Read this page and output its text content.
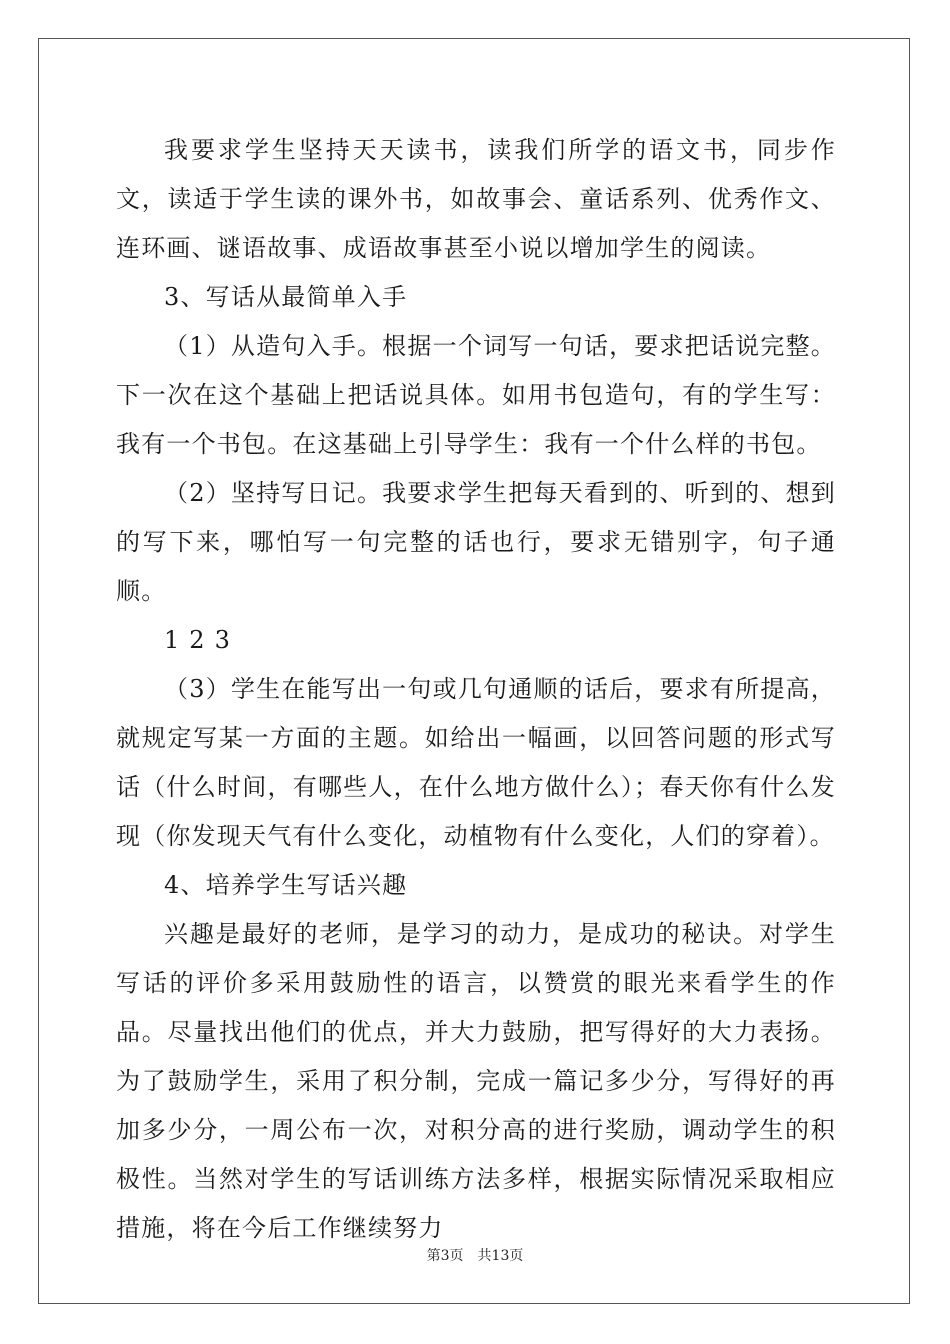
我要求学生坚持天天读书，读我们所学的语文书，同步作文，读适于学生读的课外书，如故事会、童话系列、优秀作文、连环画、谜语故事、成语故事甚至小说以增加学生的阅读。

3、写话从最简单入手

（1）从造句入手。根据一个词写一句话，要求把话说完整。下一次在这个基础上把话说具体。如用书包造句，有的学生写：我有一个书包。在这基础上引导学生：我有一个什么样的书包。

（2）坚持写日记。我要求学生把每天看到的、听到的、想到的写下来，哪怕写一句完整的话也行，要求无错别字，句子通顺。

1 2 3

（3）学生在能写出一句或几句通顺的话后，要求有所提高，就规定写某一方面的主题。如给出一幅画，以回答问题的形式写话（什么时间，有哪些人，在什么地方做什么）；春天你有什么发现（你发现天气有什么变化，动植物有什么变化，人们的穿着）。

4、培养学生写话兴趣

兴趣是最好的老师，是学习的动力，是成功的秘诀。对学生写话的评价多采用鼓励性的语言，以赞赏的眼光来看学生的作品。尽量找出他们的优点，并大力鼓励，把写得好的大力表扬。为了鼓励学生，采用了积分制，完成一篇记多少分，写得好的再加多少分，一周公布一次，对积分高的进行奖励，调动学生的积极性。当然对学生的写话训练方法多样，根据实际情况采取相应措施，将在今后工作继续努力

第3页 共13页
